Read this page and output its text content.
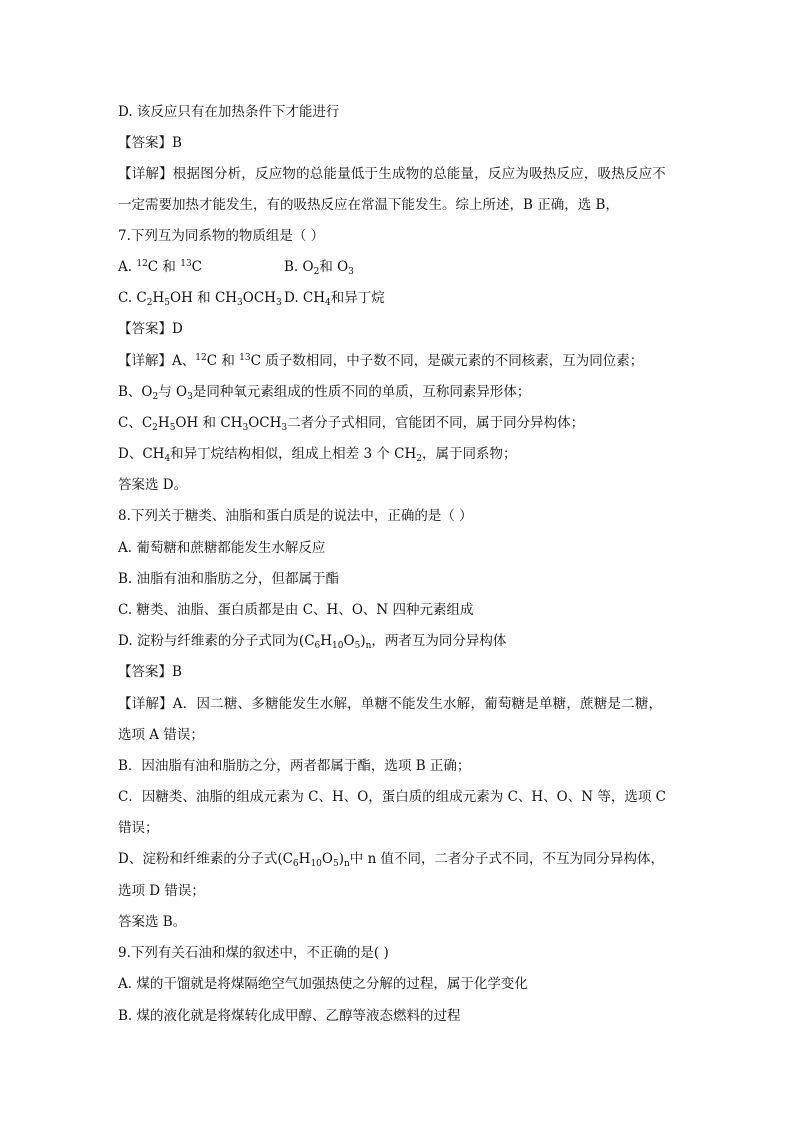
D. 该反应只有在加热条件下才能进行
【答案】B
【详解】根据图分析，反应物的总能量低于生成物的总能量，反应为吸热反应，吸热反应不
一定需要加热才能发生，有的吸热反应在常温下能发生。综上所述，B 正确，选 B，
7.下列互为同系物的物质组是（ ）
A. $^{12}$C 和 $^{13}$C	B. $O_2$和 $O_3$
C. $C_2H_5OH$ 和 $CH_3OCH_3$ D. $CH_4$和异丁烷
【答案】D
【详解】A、$^{12}$C 和 $^{13}$C 质子数相同，中子数不同，是碳元素的不同核素，互为同位素；
B、$O_2$与 $O_3$是同种氧元素组成的性质不同的单质，互称同素异形体；
C、$C_2H_5OH$ 和 $CH_3OCH_3$二者分子式相同，官能团不同，属于同分异构体；
D、$CH_4$和异丁烷结构相似，组成上相差 3 个 $CH_2$，属于同系物；
答案选 D。
8.下列关于糖类、油脂和蛋白质是的说法中，正确的是（ ）
A. 葡萄糖和蔗糖都能发生水解反应
B. 油脂有油和脂肪之分，但都属于酯
C. 糖类、油脂、蛋白质都是由 C、H、O、N 四种元素组成
D. 淀粉与纤维素的分子式同为$(C_6H_{10}O_5)_n$，两者互为同分异构体
【答案】B
【详解】A．因二糖、多糖能发生水解，单糖不能发生水解，葡萄糖是单糖，蔗糖是二糖，
选项 A 错误；
B．因油脂有油和脂肪之分，两者都属于酯，选项 B 正确；
C．因糖类、油脂的组成元素为 C、H、O，蛋白质的组成元素为 C、H、O、N 等，选项 C
错误；
D、淀粉和纤维素的分子式$(C_6H_{10}O_5)_n$中 n 值不同，二者分子式不同，不互为同分异构体，
选项 D 错误；
答案选 B。
9.下列有关石油和煤的叙述中，不正确的是( )
A. 煤的干馏就是将煤隔绝空气加强热使之分解的过程，属于化学变化
B. 煤的液化就是将煤转化成甲醇、乙醇等液态燃料的过程
